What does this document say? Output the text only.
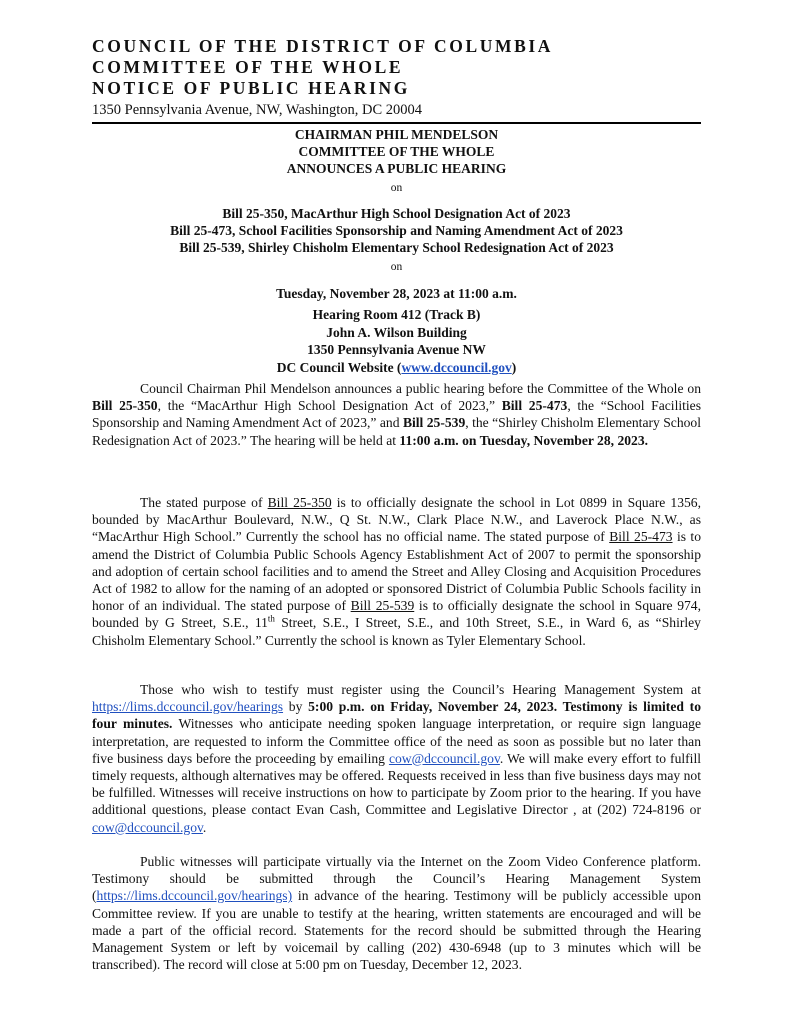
COUNCIL OF THE DISTRICT OF COLUMBIA
COMMITTEE OF THE WHOLE
NOTICE OF PUBLIC HEARING
1350 Pennsylvania Avenue, NW, Washington, DC 20004
CHAIRMAN PHIL MENDELSON
COMMITTEE OF THE WHOLE
ANNOUNCES A PUBLIC HEARING
on
Bill 25-350, MacArthur High School Designation Act of 2023
Bill 25-473, School Facilities Sponsorship and Naming Amendment Act of 2023
Bill 25-539, Shirley Chisholm Elementary School Redesignation Act of 2023
on
Tuesday, November 28, 2023 at 11:00 a.m.
Hearing Room 412 (Track B)
John A. Wilson Building
1350 Pennsylvania Avenue NW
DC Council Website (www.dccouncil.gov)
Council Chairman Phil Mendelson announces a public hearing before the Committee of the Whole on Bill 25-350, the “MacArthur High School Designation Act of 2023,” Bill 25-473, the “School Facilities Sponsorship and Naming Amendment Act of 2023,” and Bill 25-539, the “Shirley Chisholm Elementary School Redesignation Act of 2023.” The hearing will be held at 11:00 a.m. on Tuesday, November 28, 2023.
The stated purpose of Bill 25-350 is to officially designate the school in Lot 0899 in Square 1356, bounded by MacArthur Boulevard, N.W., Q St. N.W., Clark Place N.W., and Laverock Place N.W., as “MacArthur High School.” Currently the school has no official name. The stated purpose of Bill 25-473 is to amend the District of Columbia Public Schools Agency Establishment Act of 2007 to permit the sponsorship and adoption of certain school facilities and to amend the Street and Alley Closing and Acquisition Procedures Act of 1982 to allow for the naming of an adopted or sponsored District of Columbia Public Schools facility in honor of an individual. The stated purpose of Bill 25-539 is to officially designate the school in Square 974, bounded by G Street, S.E., 11th Street, S.E., I Street, S.E., and 10th Street, S.E., in Ward 6, as “Shirley Chisholm Elementary School.” Currently the school is known as Tyler Elementary School.
Those who wish to testify must register using the Council’s Hearing Management System at https://lims.dccouncil.gov/hearings by 5:00 p.m. on Friday, November 24, 2023. Testimony is limited to four minutes. Witnesses who anticipate needing spoken language interpretation, or require sign language interpretation, are requested to inform the Committee office of the need as soon as possible but no later than five business days before the proceeding by emailing cow@dccouncil.gov. We will make every effort to fulfill timely requests, although alternatives may be offered. Requests received in less than five business days may not be fulfilled. Witnesses will receive instructions on how to participate by Zoom prior to the hearing. If you have additional questions, please contact Evan Cash, Committee and Legislative Director , at (202) 724-8196 or cow@dccouncil.gov.
Public witnesses will participate virtually via the Internet on the Zoom Video Conference platform. Testimony should be submitted through the Council’s Hearing Management System (https://lims.dccouncil.gov/hearings) in advance of the hearing. Testimony will be publicly accessible upon Committee review. If you are unable to testify at the hearing, written statements are encouraged and will be made a part of the official record. Statements for the record should be submitted through the Hearing Management System or left by voicemail by calling (202) 430-6948 (up to 3 minutes which will be transcribed). The record will close at 5:00 pm on Tuesday, December 12, 2023.
